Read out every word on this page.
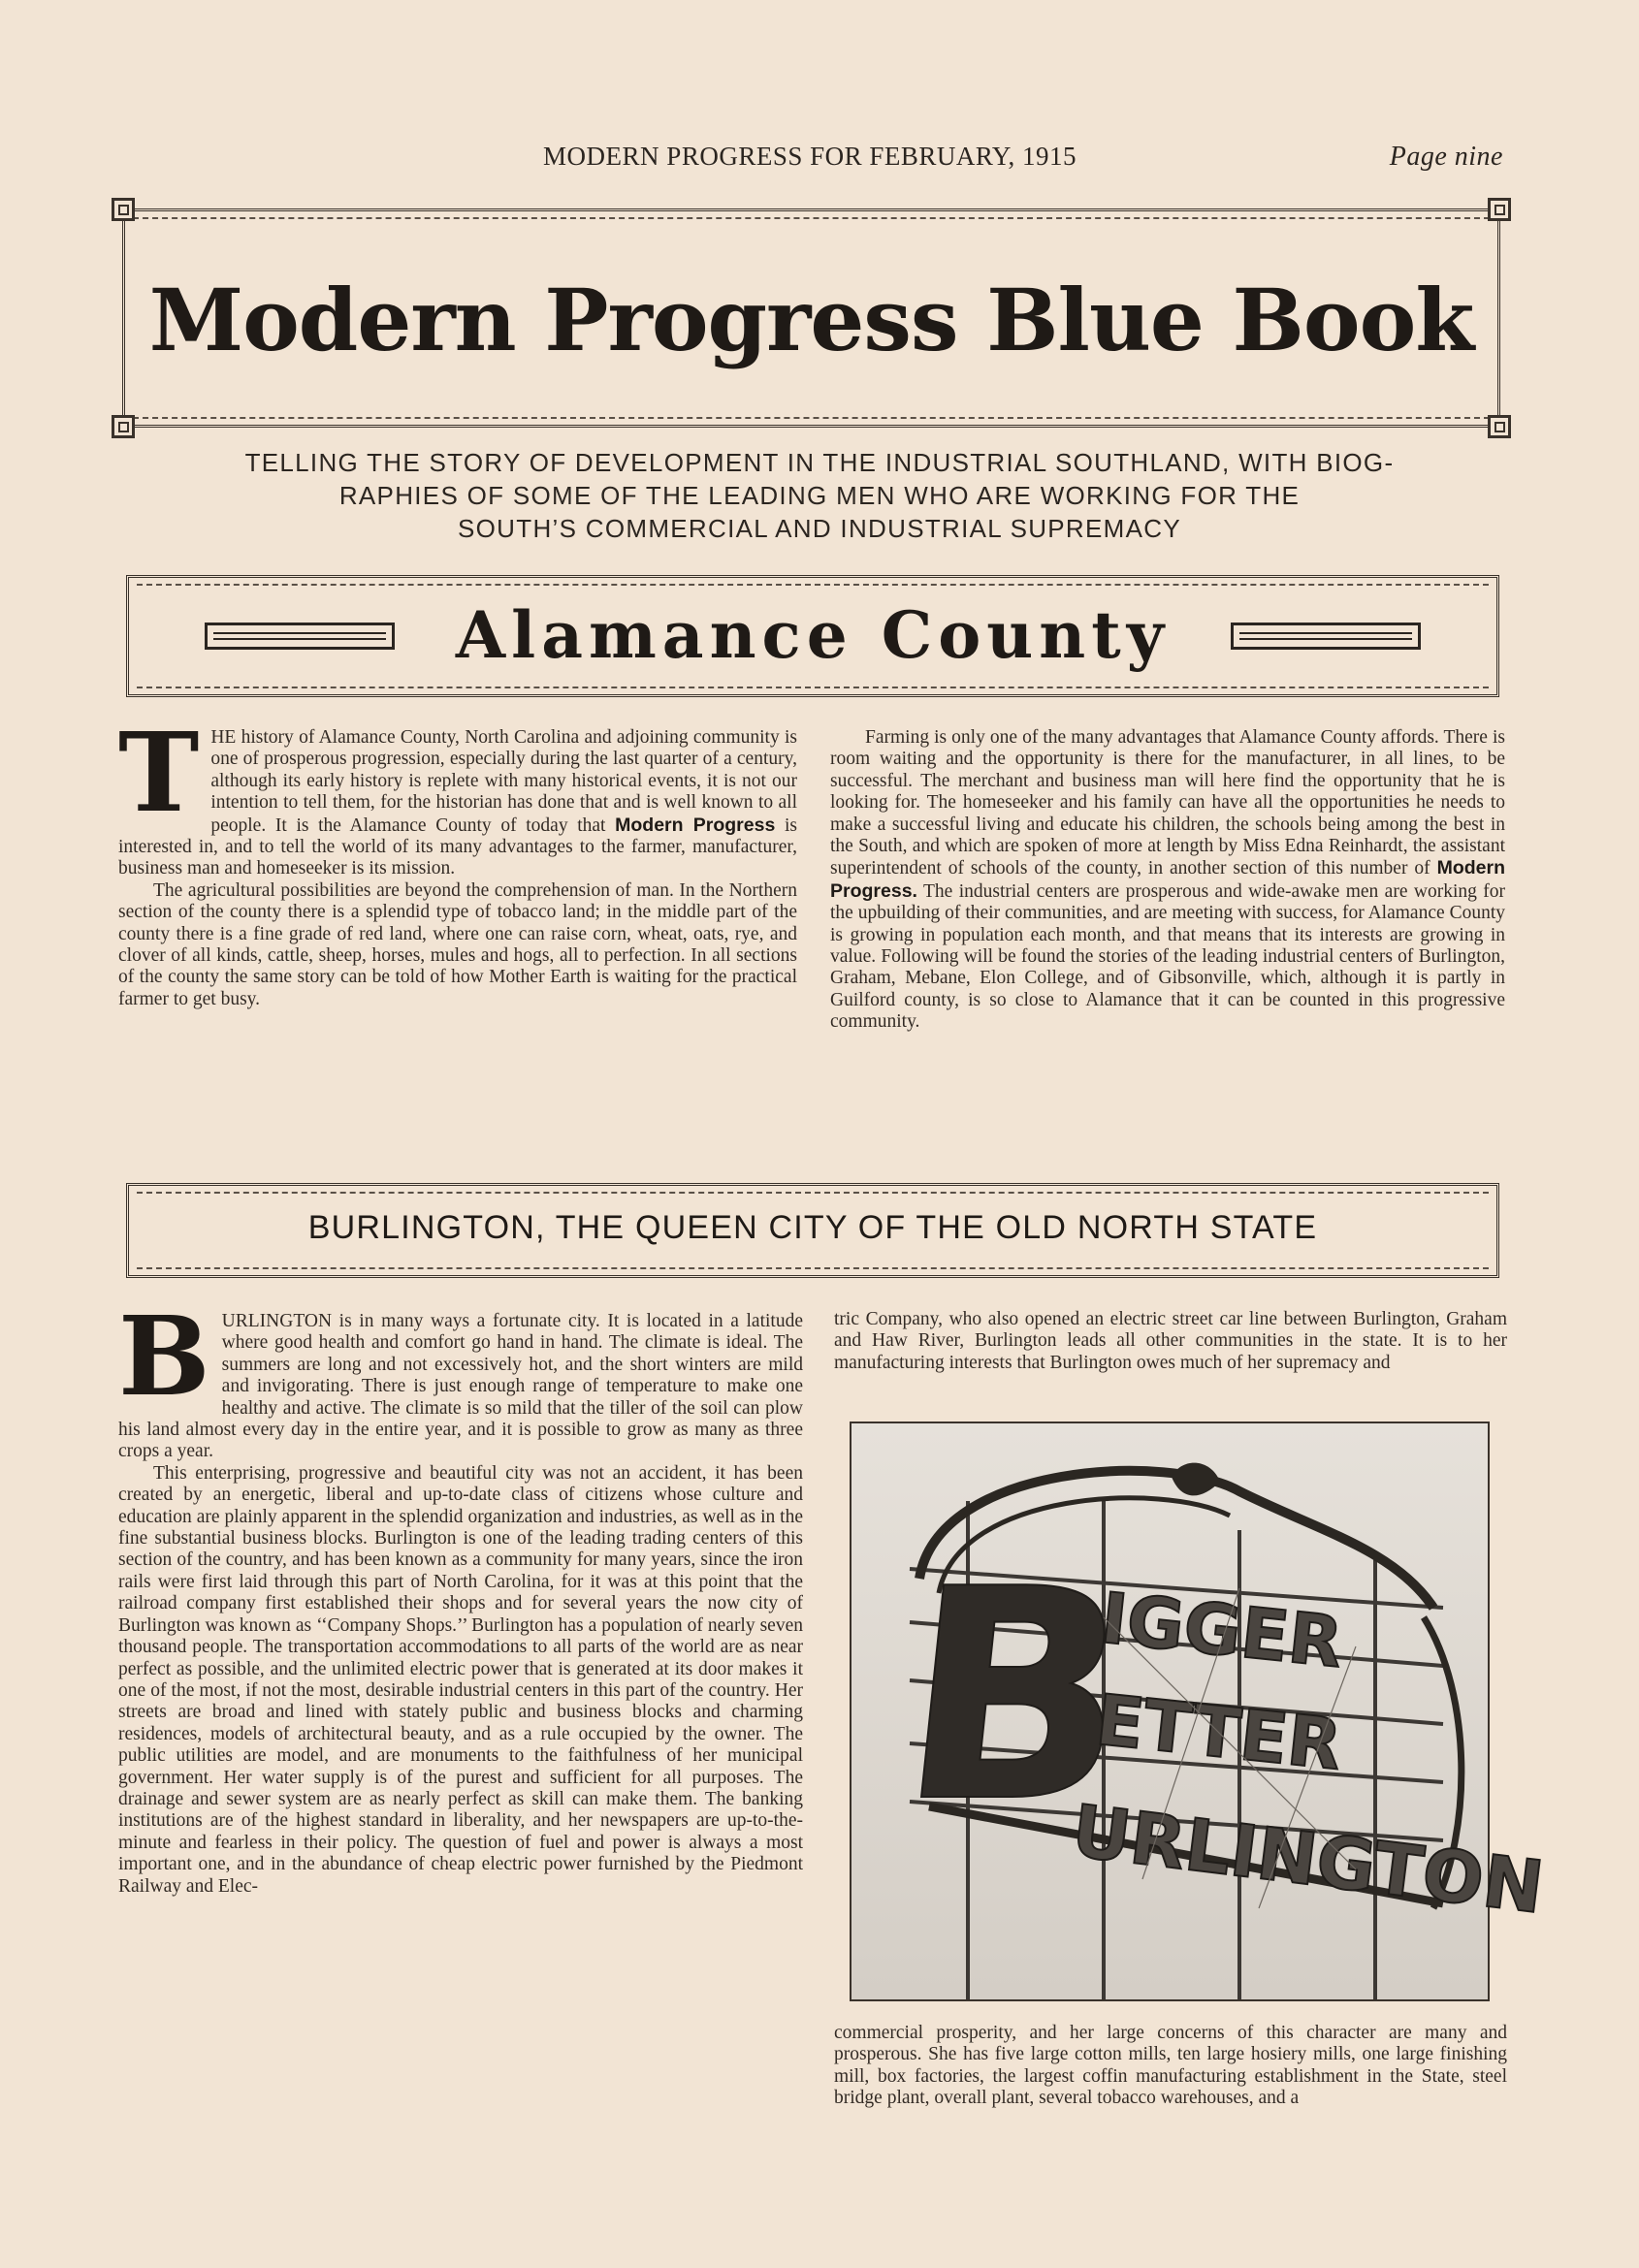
MODERN PROGRESS FOR FEBRUARY, 1915	Page nine
Modern Progress Blue Book
TELLING THE STORY OF DEVELOPMENT IN THE INDUSTRIAL SOUTHLAND, WITH BIOG-
RAPHIES OF SOME OF THE LEADING MEN WHO ARE WORKING FOR THE
SOUTH’S COMMERCIAL AND INDUSTRIAL SUPREMACY
Alamance County

THE history of Alamance County, North Carolina and adjoining community is one of prosperous progression, especially during the last quarter of a century, although its early history is replete with many historical events, it is not our intention to tell them, for the historian has done that and is well known to all people. It is the Alamance County of today that Modern Progress is interested in, and to tell the world of its many advantages to the farmer, manufacturer, business man and homeseeker is its mission.

The agricultural possibilities are beyond the comprehension of man. In the Northern section of the county there is a splendid type of tobacco land; in the middle part of the county there is a fine grade of red land, where one can raise corn, wheat, oats, rye, and clover of all kinds, cattle, sheep, horses, mules and hogs, all to perfection. In all sections of the county the same story can be told of how Mother Earth is waiting for the practical farmer to get busy.

Farming is only one of the many advantages that Alamance County affords. There is room waiting and the opportunity is there for the manufacturer, in all lines, to be successful. The merchant and business man will here find the opportunity that he is looking for. The homeseeker and his family can have all the opportunities he needs to make a successful living and educate his children, the schools being among the best in the South, and which are spoken of more at length by Miss Edna Reinhardt, the assistant superintendent of schools of the county, in another section of this number of Modern Progress. The industrial centers are prosperous and wide-awake men are working for the upbuilding of their communities, and are meeting with success, for Alamance County is growing in population each month, and that means that its interests are growing in value. Following will be found the stories of the leading industrial centers of Burlington, Graham, Mebane, Elon College, and of Gibsonville, which, although it is partly in Guilford county, is so close to Alamance that it can be counted in this progressive community.

BURLINGTON, THE QUEEN CITY OF THE OLD NORTH STATE

BURLINGTON is in many ways a fortunate city. It is located in a latitude where good health and comfort go hand in hand. The climate is ideal. The summers are long and not excessively hot, and the short winters are mild and invigorating. There is just enough range of temperature to make one healthy and active. The climate is so mild that the tiller of the soil can plow his land almost every day in the entire year, and it is possible to grow as many as three crops a year.

This enterprising, progressive and beautiful city was not an accident, it has been created by an energetic, liberal and up-to-date class of citizens whose culture and education are plainly apparent in the splendid organization and industries, as well as in the fine substantial business blocks. Burlington is one of the leading trading centers of this section of the country, and has been known as a community for many years, since the iron rails were first laid through this part of North Carolina, for it was at this point that the railroad company first established their shops and for several years the now city of Burlington was known as ‘‘Company Shops.’’ Burlington has a population of nearly seven thousand people. The transportation accommodations to all parts of the world are as near perfect as possible, and the unlimited electric power that is generated at its door makes it one of the most, if not the most, desirable industrial centers in this part of the country. Her streets are broad and lined with stately public and business blocks and charming residences, models of architectural beauty, and as a rule occupied by the owner. The public utilities are model, and are monuments to the faithfulness of her municipal government. Her water supply is of the purest and sufficient for all purposes. The drainage and sewer system are as nearly perfect as skill can make them. The banking institutions are of the highest standard in liberality, and her newspapers are up-to-the-minute and fearless in their policy. The question of fuel and power is always a most important one, and in the abundance of cheap electric power furnished by the Piedmont Railway and Elec-

tric Company, who also opened an electric street car line between Burlington, Graham and Haw River, Burlington leads all other communities in the state. It is to her manufacturing interests that Burlington owes much of her supremacy and

B
IGGER
ETTER
URLINGTON

commercial prosperity, and her large concerns of this character are many and prosperous. She has five large cotton mills, ten large hosiery mills, one large finishing mill, box factories, the largest coffin manufacturing establishment in the State, steel bridge plant, overall plant, several tobacco warehouses, and a
